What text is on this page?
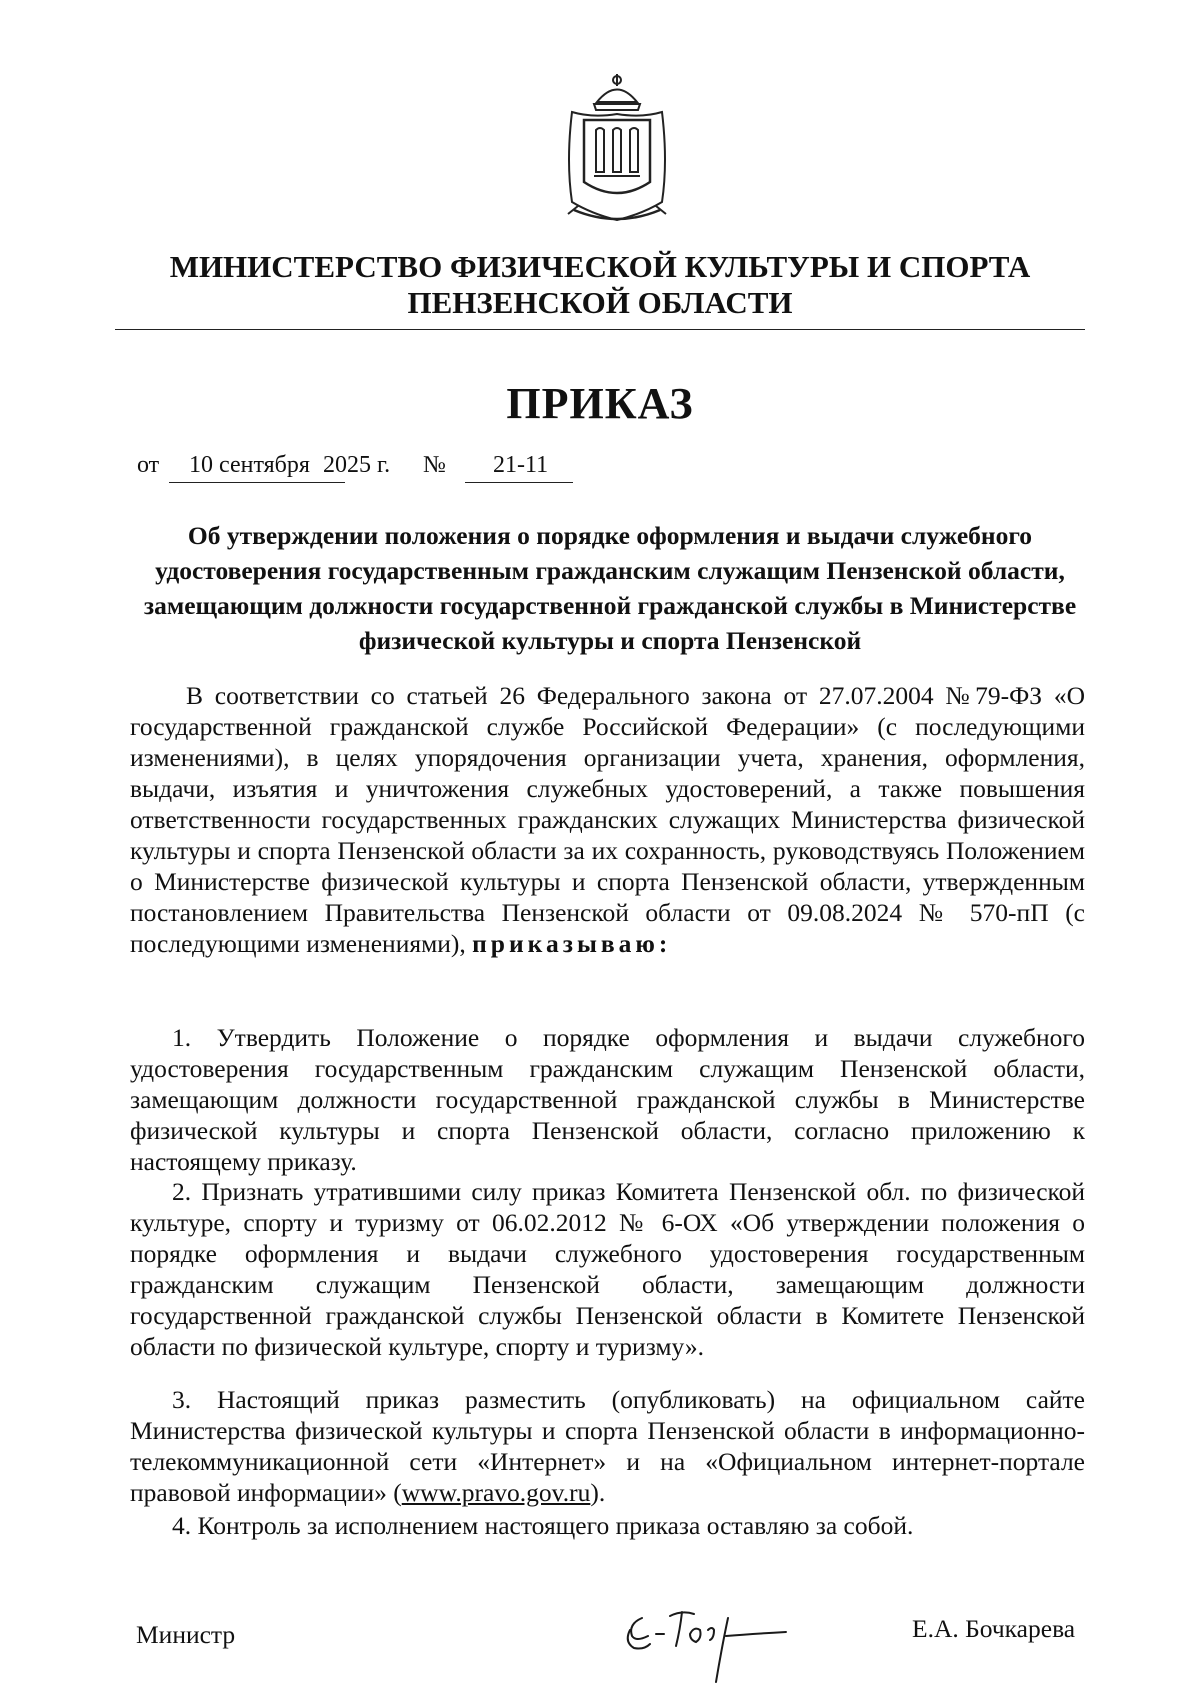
МИНИСТЕРСТВО ФИЗИЧЕСКОЙ КУЛЬТУРЫ И СПОРТА
ПЕНЗЕНСКОЙ ОБЛАСТИ
ПРИКАЗ
от 10 сентября 2025 г. № 21-11
Об утверждении положения о порядке оформления и выдачи служебного удостоверения государственным гражданским служащим Пензенской области, замещающим должности государственной гражданской службы в Министерстве физической культуры и спорта Пензенской
В соответствии со статьей 26 Федерального закона от 27.07.2004 №79-ФЗ «О государственной гражданской службе Российской Федерации» (с последующими изменениями), в целях упорядочения организации учета, хранения, оформления, выдачи, изъятия и уничтожения служебных удостоверений, а также повышения ответственности государственных гражданских служащих Министерства физической культуры и спорта Пензенской области за их сохранность, руководствуясь Положением о Министерстве физической культуры и спорта Пензенской области, утвержденным постановлением Правительства Пензенской области от 09.08.2024 № 570-пП (с последующими изменениями), приказываю:
1. Утвердить Положение о порядке оформления и выдачи служебного удостоверения государственным гражданским служащим Пензенской области, замещающим должности государственной гражданской службы в Министерстве физической культуры и спорта Пензенской области, согласно приложению к настоящему приказу.
2. Признать утратившими силу приказ Комитета Пензенской обл. по физической культуре, спорту и туризму от 06.02.2012 № 6-ОХ «Об утверждении положения о порядке оформления и выдачи служебного удостоверения государственным гражданским служащим Пензенской области, замещающим должности государственной гражданской службы Пензенской области в Комитете Пензенской области по физической культуре, спорту и туризму».
3. Настоящий приказ разместить (опубликовать) на официальном сайте Министерства физической культуры и спорта Пензенской области в информационно-телекоммуникационной сети «Интернет» и на «Официальном интернет-портале правовой информации» (www.pravo.gov.ru).
4. Контроль за исполнением настоящего приказа оставляю за собой.
Министр	Е.А. Бочкарева
